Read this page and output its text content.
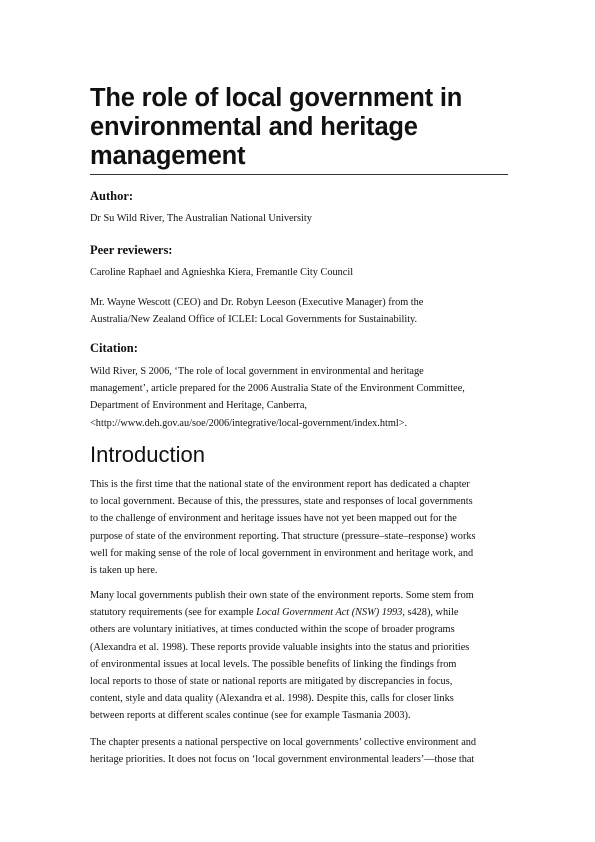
The role of local government in
environmental and heritage
management
Author:

Dr Su Wild River, The Australian National University

Peer reviewers:

Caroline Raphael and Agnieshka Kiera, Fremantle City Council

Mr. Wayne Wescott (CEO) and Dr. Robyn Leeson (Executive Manager) from the
Australia/New Zealand Office of ICLEI: Local Governments for Sustainability.

Citation:

Wild River, S 2006, ‘The role of local government in environmental and heritage
management’, article prepared for the 2006 Australia State of the Environment Committee,
Department of Environment and Heritage, Canberra,
<http://www.deh.gov.au/soe/2006/integrative/local-government/index.html>.

Introduction

This is the first time that the national state of the environment report has dedicated a chapter
to local government. Because of this, the pressures, state and responses of local governments
to the challenge of environment and heritage issues have not yet been mapped out for the
purpose of state of the environment reporting. That structure (pressure–state–response) works
well for making sense of the role of local government in environment and heritage work, and
is taken up here.

Many local governments publish their own state of the environment reports. Some stem from
statutory requirements (see for example Local Government Act (NSW) 1993, s428), while
others are voluntary initiatives, at times conducted within the scope of broader programs
(Alexandra et al. 1998). These reports provide valuable insights into the status and priorities
of environmental issues at local levels. The possible benefits of linking the findings from
local reports to those of state or national reports are mitigated by discrepancies in focus,
content, style and data quality (Alexandra et al. 1998). Despite this, calls for closer links
between reports at different scales continue (see for example Tasmania 2003).

The chapter presents a national perspective on local governments’ collective environment and
heritage priorities. It does not focus on ‘local government environmental leaders’—those that
